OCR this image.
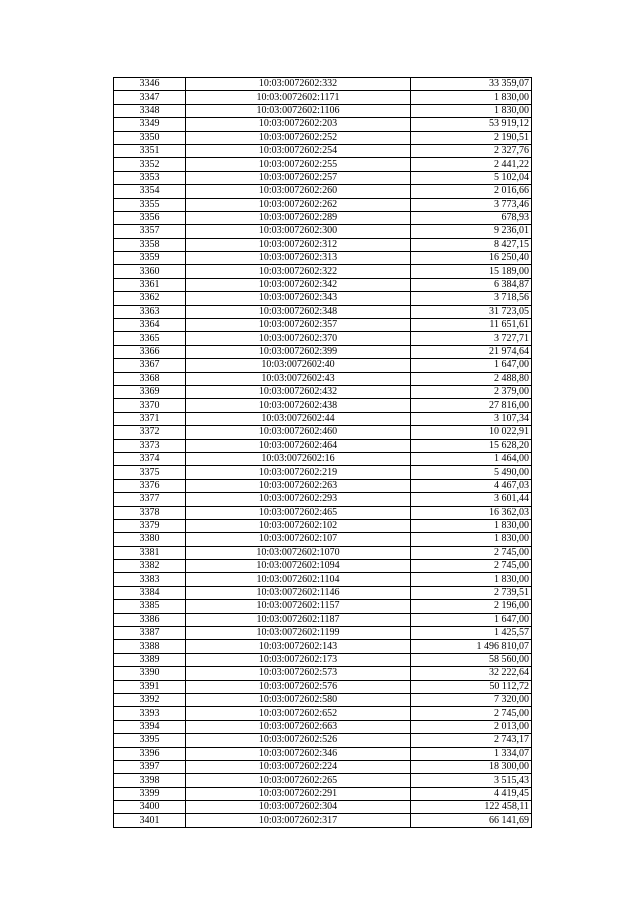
3346	10:03:0072602:332	33 359,07
3347	10:03:0072602:1171	1 830,00
3348	10:03:0072602:1106	1 830,00
3349	10:03:0072602:203	53 919,12
3350	10:03:0072602:252	2 190,51
3351	10:03:0072602:254	2 327,76
3352	10:03:0072602:255	2 441,22
3353	10:03:0072602:257	5 102,04
3354	10:03:0072602:260	2 016,66
3355	10:03:0072602:262	3 773,46
3356	10:03:0072602:289	678,93
3357	10:03:0072602:300	9 236,01
3358	10:03:0072602:312	8 427,15
3359	10:03:0072602:313	16 250,40
3360	10:03:0072602:322	15 189,00
3361	10:03:0072602:342	6 384,87
3362	10:03:0072602:343	3 718,56
3363	10:03:0072602:348	31 723,05
3364	10:03:0072602:357	11 651,61
3365	10:03:0072602:370	3 727,71
3366	10:03:0072602:399	21 974,64
3367	10:03:0072602:40	1 647,00
3368	10:03:0072602:43	2 488,80
3369	10:03:0072602:432	2 379,00
3370	10:03:0072602:438	27 816,00
3371	10:03:0072602:44	3 107,34
3372	10:03:0072602:460	10 022,91
3373	10:03:0072602:464	15 628,20
3374	10:03:0072602:16	1 464,00
3375	10:03:0072602:219	5 490,00
3376	10:03:0072602:263	4 467,03
3377	10:03:0072602:293	3 601,44
3378	10:03:0072602:465	16 362,03
3379	10:03:0072602:102	1 830,00
3380	10:03:0072602:107	1 830,00
3381	10:03:0072602:1070	2 745,00
3382	10:03:0072602:1094	2 745,00
3383	10:03:0072602:1104	1 830,00
3384	10:03:0072602:1146	2 739,51
3385	10:03:0072602:1157	2 196,00
3386	10:03:0072602:1187	1 647,00
3387	10:03:0072602:1199	1 425,57
3388	10:03:0072602:143	1 496 810,07
3389	10:03:0072602:173	58 560,00
3390	10:03:0072602:573	32 222,64
3391	10:03:0072602:576	50 112,72
3392	10:03:0072602:580	7 320,00
3393	10:03:0072602:652	2 745,00
3394	10:03:0072602:663	2 013,00
3395	10:03:0072602:526	2 743,17
3396	10:03:0072602:346	1 334,07
3397	10:03:0072602:224	18 300,00
3398	10:03:0072602:265	3 515,43
3399	10:03:0072602:291	4 419,45
3400	10:03:0072602:304	122 458,11
3401	10:03:0072602:317	66 141,69
